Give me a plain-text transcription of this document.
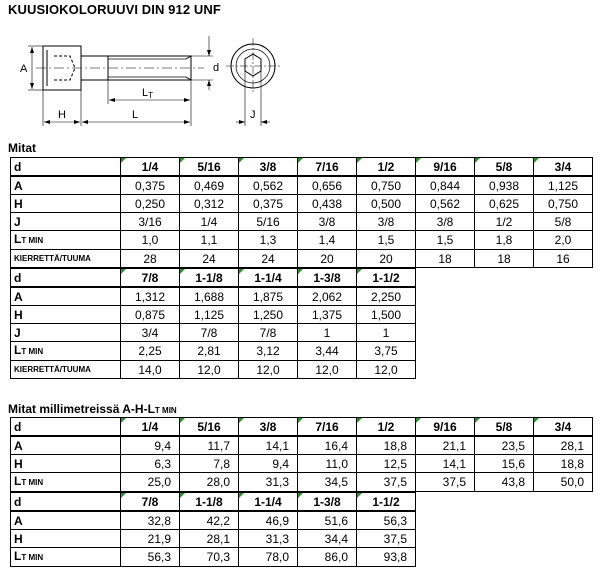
KUUSIOKOLORUUVI DIN 912 UNF
A	d
LT
L
H	J
Mitat
d	1/4	5/16	3/8	7/16	1/2	9/16	5/8	3/4
A	0,375	0,469	0,562	0,656	0,750	0,844	0,938	1,125
H	0,250	0,312	0,375	0,438	0,500	0,562	0,625	0,750
J	3/16	1/4	5/16	3/8	3/8	3/8	1/2	5/8
LT MIN	1,0	1,1	1,3	1,4	1,5	1,5	1,8	2,0
KIERRETTÄ/TUUMA	28	24	24	20	20	18	18	16
d	7/8	1-1/8	1-1/4	1-3/8	1-1/2
A	1,312	1,688	1,875	2,062	2,250
H	0,875	1,125	1,250	1,375	1,500
J	3/4	7/8	7/8	1	1
LT MIN	2,25	2,81	3,12	3,44	3,75
KIERRETTÄ/TUUMA	14,0	12,0	12,0	12,0	12,0
Mitat millimetreissä A-H-LT MIN
d	1/4	5/16	3/8	7/16	1/2	9/16	5/8	3/4
A	9,4	11,7	14,1	16,4	18,8	21,1	23,5	28,1
H	6,3	7,8	9,4	11,0	12,5	14,1	15,6	18,8
LT MIN	25,0	28,0	31,3	34,5	37,5	37,5	43,8	50,0
d	7/8	1-1/8	1-1/4	1-3/8	1-1/2
A	32,8	42,2	46,9	51,6	56,3
H	21,9	28,1	31,3	34,4	37,5
LT MIN	56,3	70,3	78,0	86,0	93,8
